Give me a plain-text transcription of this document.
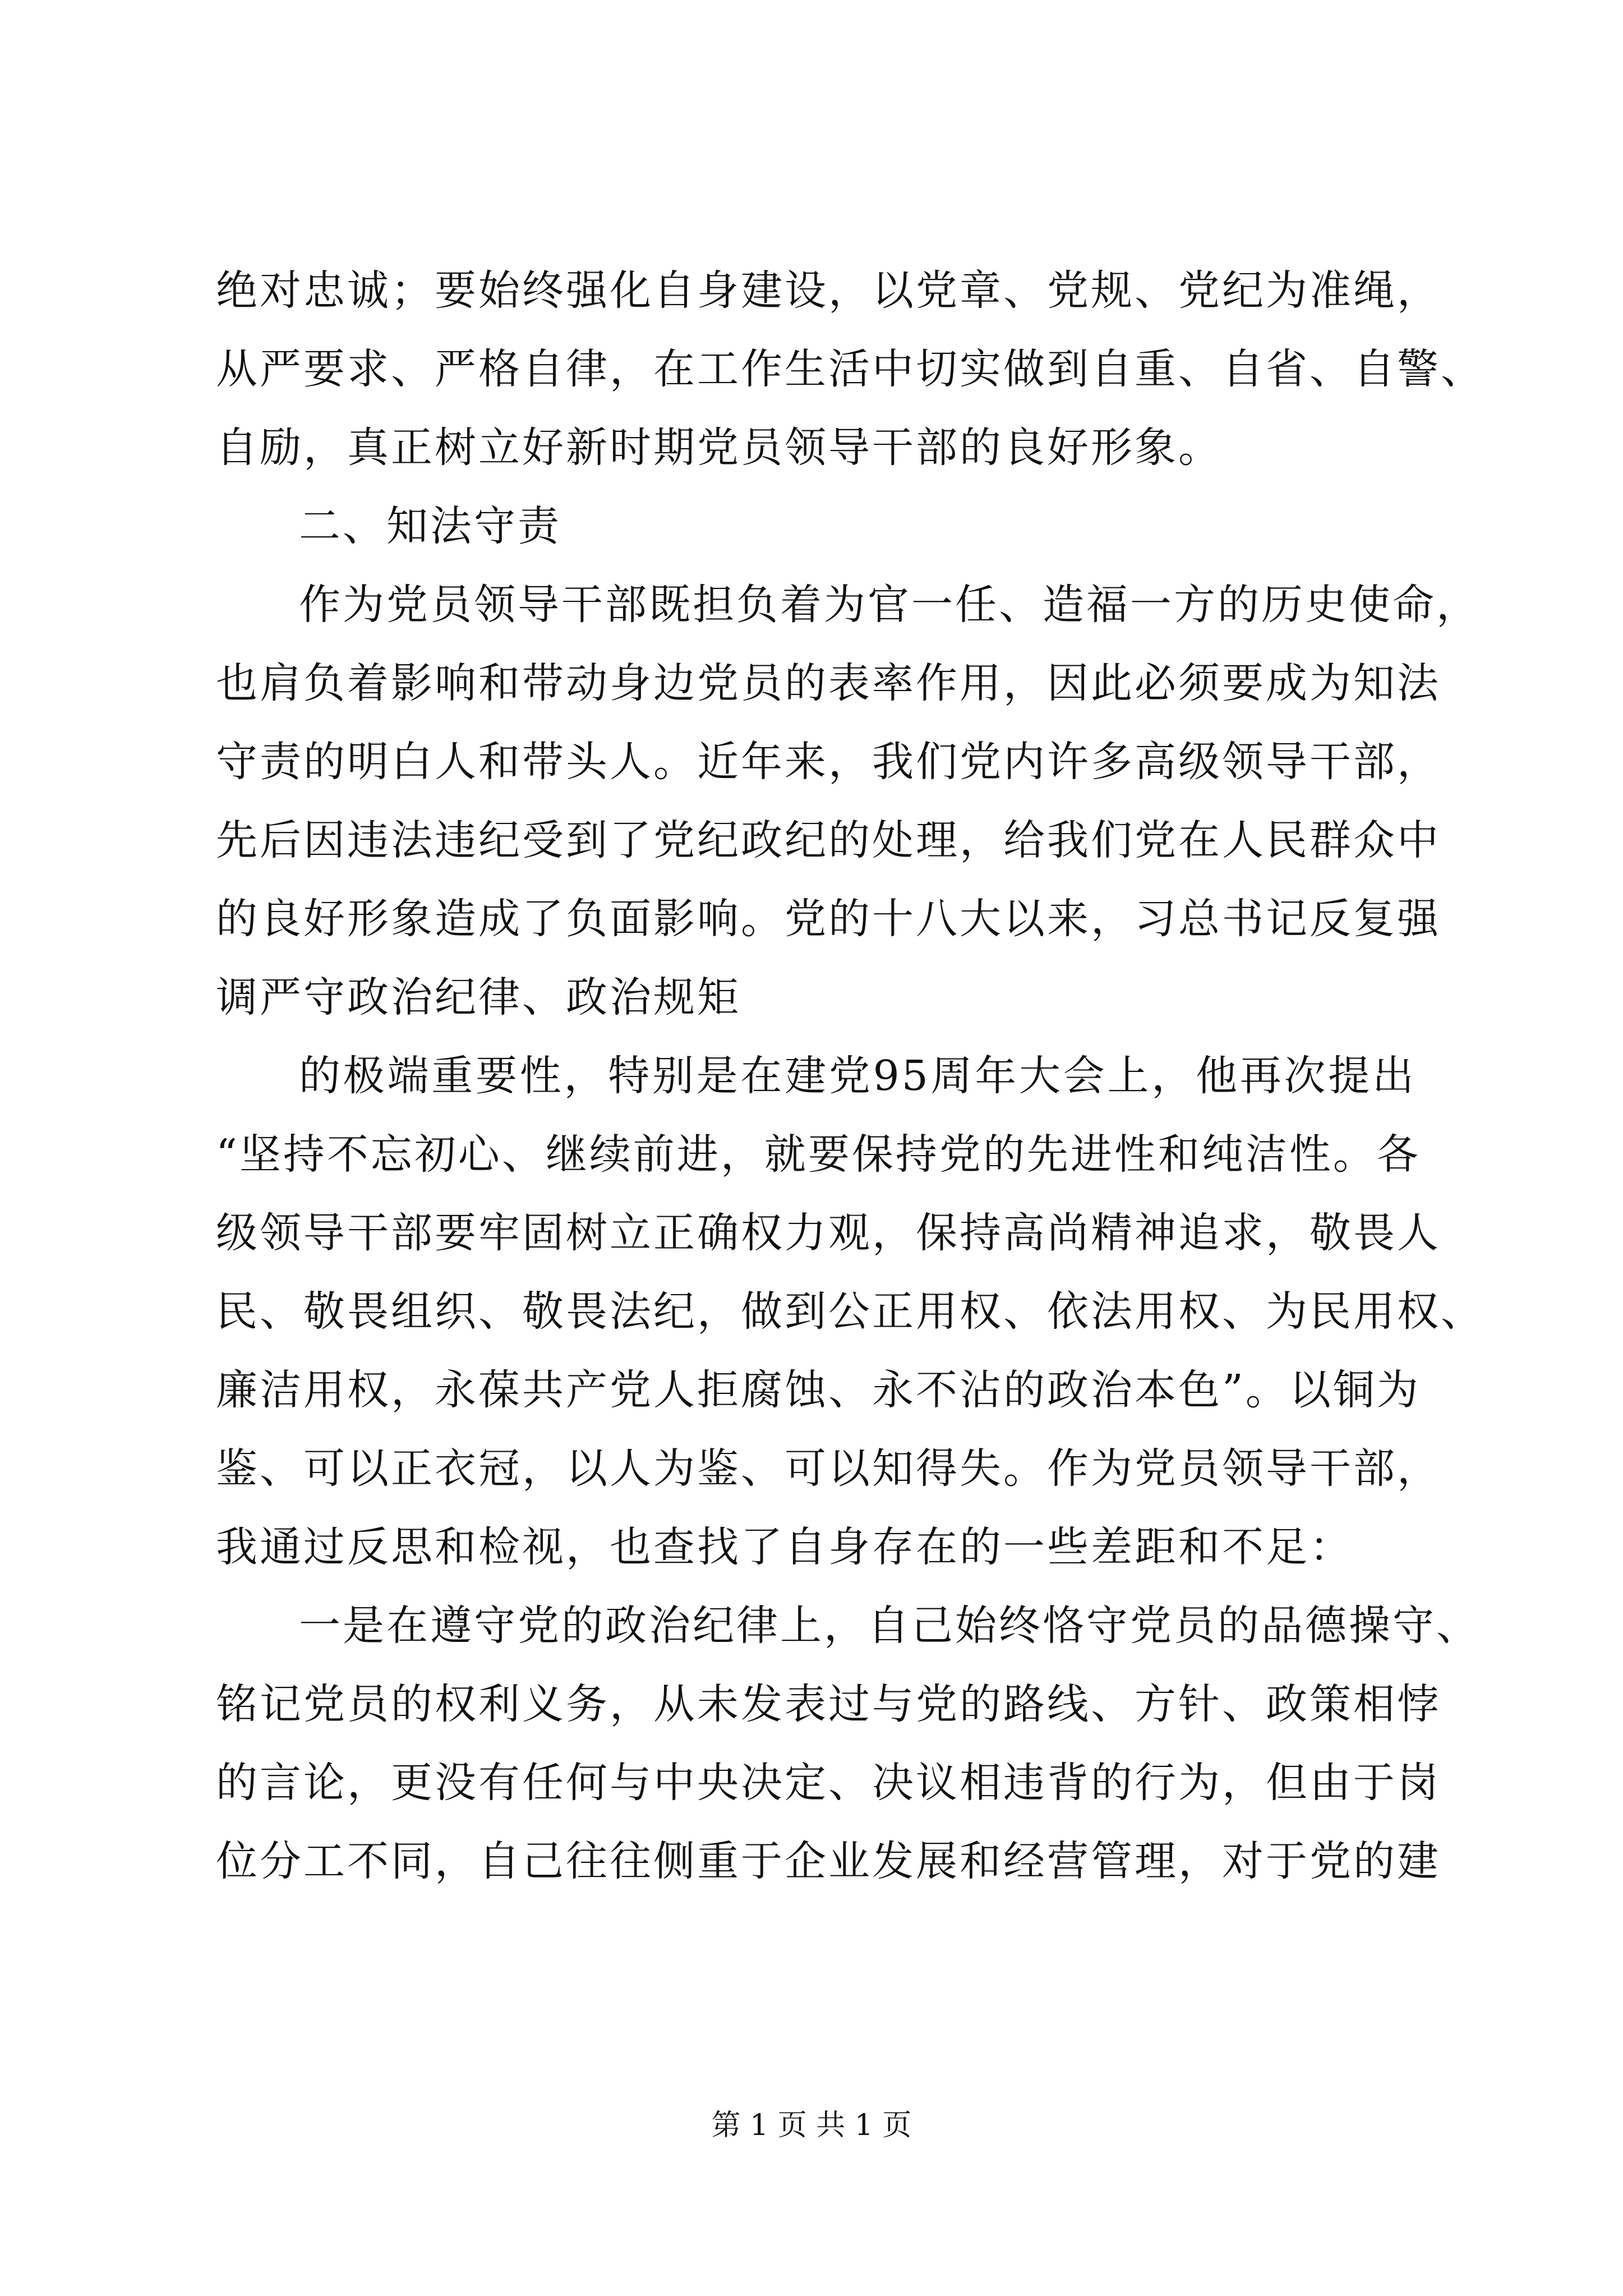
绝对忠诚；要始终强化自身建设，以党章、党规、党纪为准绳，
从严要求、严格自律，在工作生活中切实做到自重、自省、自警、
自励，真正树立好新时期党员领导干部的良好形象。
二、知法守责
作为党员领导干部既担负着为官一任、造福一方的历史使命，
也肩负着影响和带动身边党员的表率作用，因此必须要成为知法
守责的明白人和带头人。近年来，我们党内许多高级领导干部，
先后因违法违纪受到了党纪政纪的处理，给我们党在人民群众中
的良好形象造成了负面影响。党的十八大以来，习总书记反复强
调严守政治纪律、政治规矩
的极端重要性，特别是在建党95周年大会上，他再次提出
“坚持不忘初心、继续前进，就要保持党的先进性和纯洁性。各
级领导干部要牢固树立正确权力观，保持高尚精神追求，敬畏人
民、敬畏组织、敬畏法纪，做到公正用权、依法用权、为民用权、
廉洁用权，永葆共产党人拒腐蚀、永不沾的政治本色”。以铜为
鉴、可以正衣冠，以人为鉴、可以知得失。作为党员领导干部，
我通过反思和检视，也查找了自身存在的一些差距和不足：
一是在遵守党的政治纪律上，自己始终恪守党员的品德操守、
铭记党员的权利义务，从未发表过与党的路线、方针、政策相悖
的言论，更没有任何与中央决定、决议相违背的行为，但由于岗
位分工不同，自己往往侧重于企业发展和经营管理，对于党的建
第 1 页 共 1 页
